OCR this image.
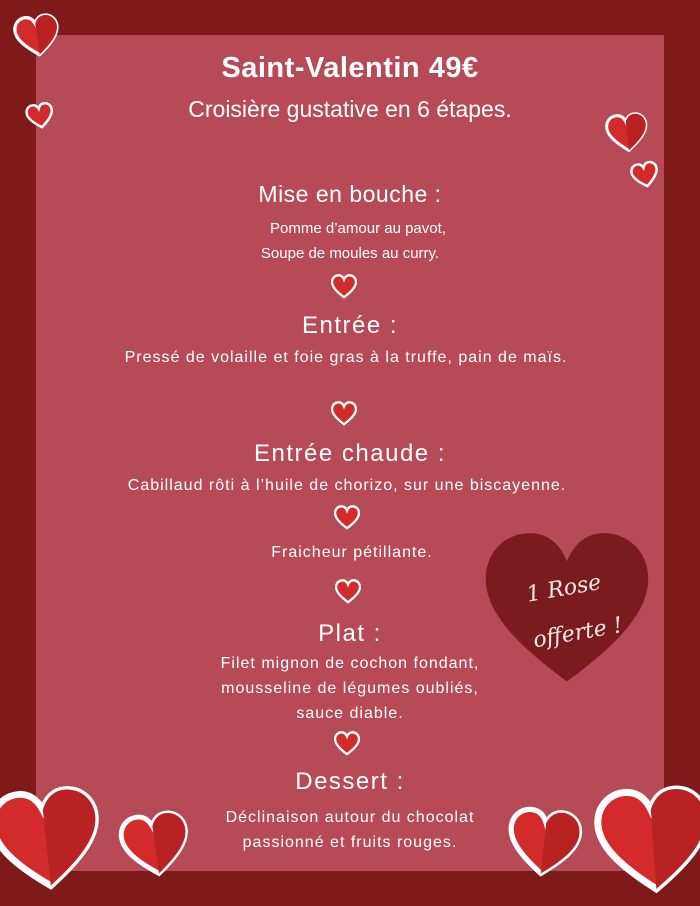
1 Rose
offerte !
Saint-Valentin 49€
Croisière gustative en 6 étapes.
Mise en bouche :
Pomme d’amour au pavot,
Soupe de moules au curry.
Entrée :
Pressé de volaille et foie gras à la truffe, pain de maïs.
Entrée chaude :
Cabillaud rôti à l’huile de chorizo, sur une biscayenne.
Fraicheur pétillante.
Plat :
Filet mignon de cochon fondant,
mousseline de légumes oubliés,
sauce diable.
Dessert :
Déclinaison autour du chocolat
passionné et fruits rouges.
